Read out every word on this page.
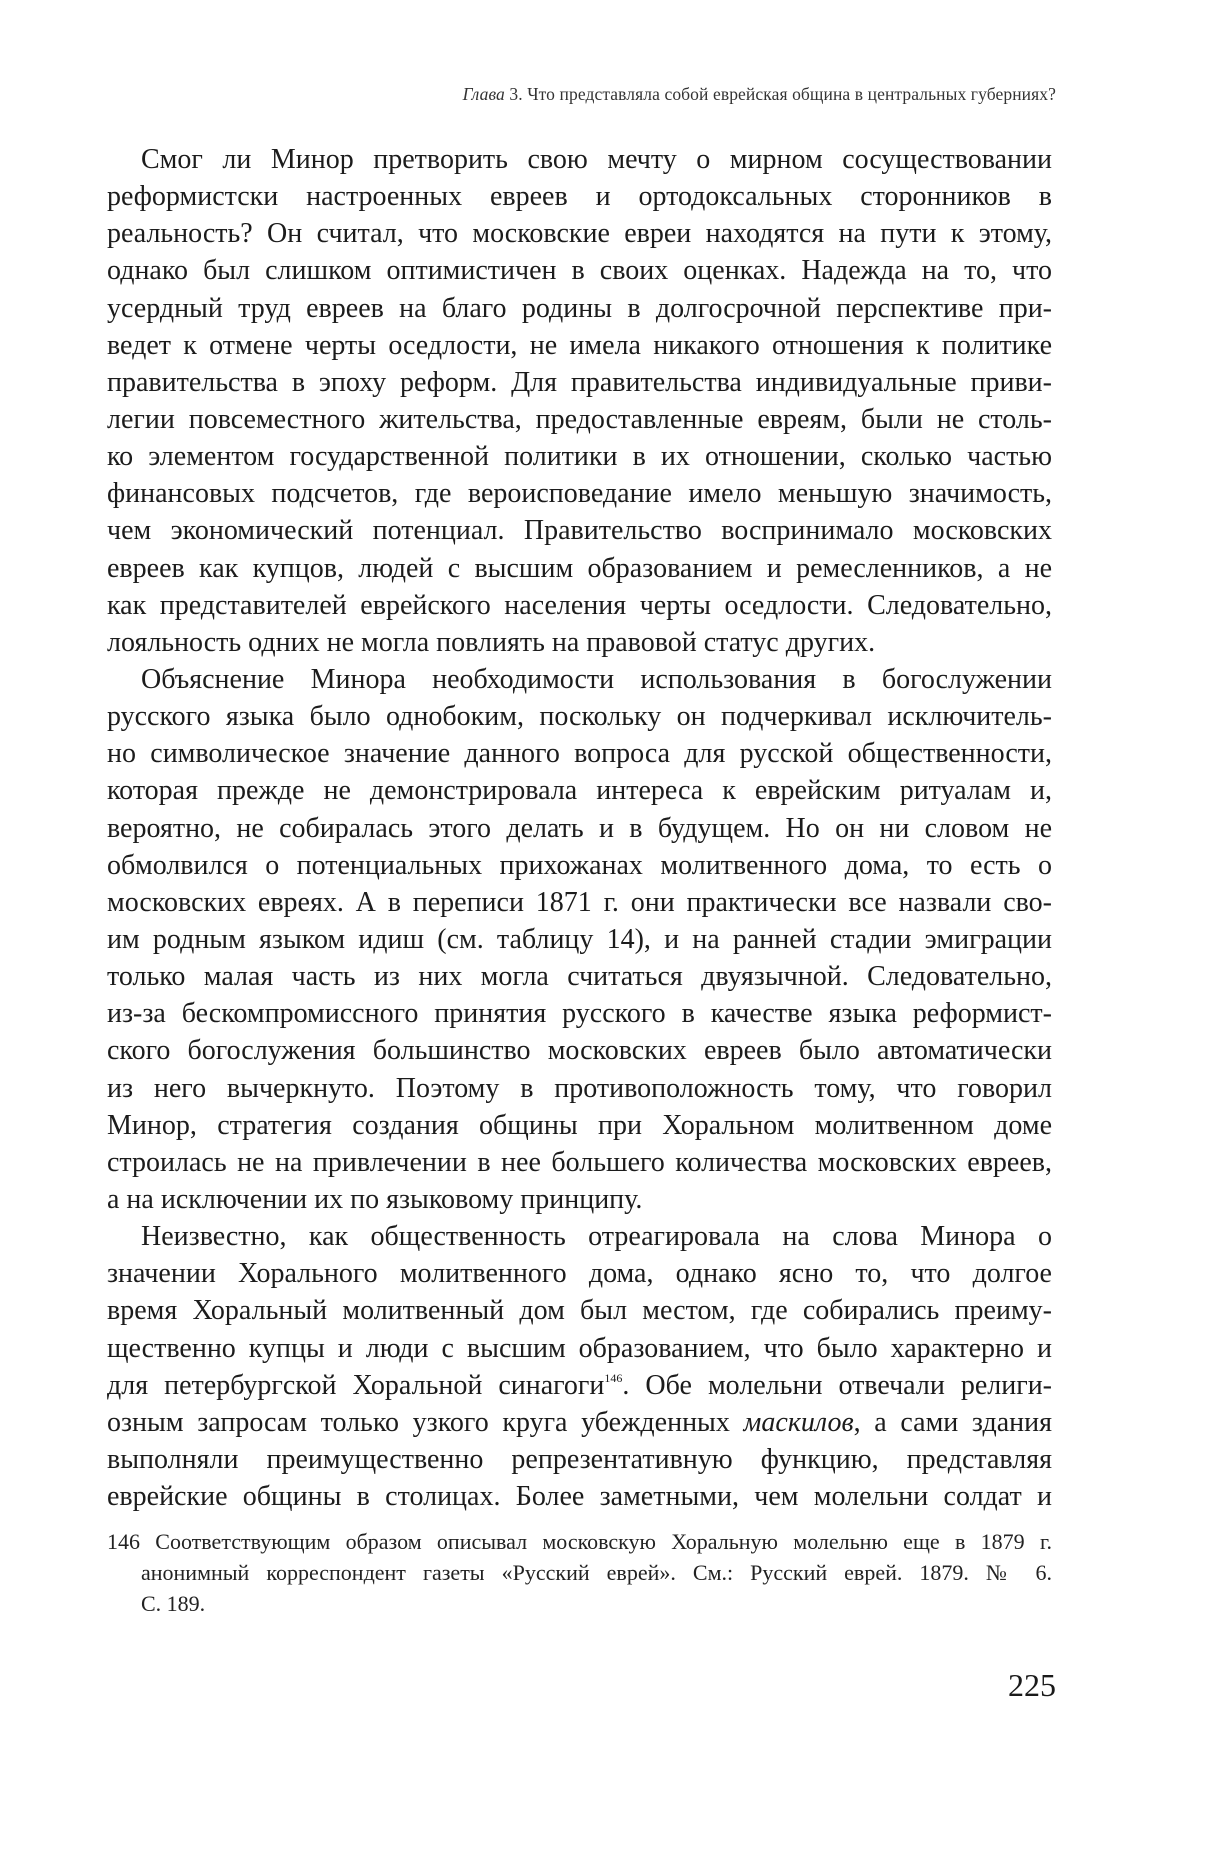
Глава 3. Что представляла собой еврейская община в центральных губерниях?
Смог ли Минор претворить свою мечту о мирном сосуществовании
реформистски настроенных евреев и ортодоксальных сторонников в
реальность? Он считал, что московские евреи находятся на пути к этому,
однако был слишком оптимистичен в своих оценках. Надежда на то, что
усердный труд евреев на благо родины в долгосрочной перспективе при-
ведет к отмене черты оседлости, не имела никакого отношения к политике
правительства в эпоху реформ. Для правительства индивидуальные приви-
легии повсеместного жительства, предоставленные евреям, были не столь-
ко элементом государственной политики в их отношении, сколько частью
финансовых подсчетов, где вероисповедание имело меньшую значимость,
чем экономический потенциал. Правительство воспринимало московских
евреев как купцов, людей с высшим образованием и ремесленников, а не
как представителей еврейского населения черты оседлости. Следовательно,
лояльность одних не могла повлиять на правовой статус других.
Объяснение Минора необходимости использования в богослужении
русского языка было однобоким, поскольку он подчеркивал исключитель-
но символическое значение данного вопроса для русской общественности,
которая прежде не демонстрировала интереса к еврейским ритуалам и,
вероятно, не собиралась этого делать и в будущем. Но он ни словом не
обмолвился о потенциальных прихожанах молитвенного дома, то есть о
московских евреях. А в переписи 1871 г. они практически все назвали сво-
им родным языком идиш (см. таблицу 14), и на ранней стадии эмиграции
только малая часть из них могла считаться двуязычной. Следовательно,
из-за бескомпромиссного принятия русского в качестве языка реформист-
ского богослужения большинство московских евреев было автоматически
из него вычеркнуто. Поэтому в противоположность тому, что говорил
Минор, стратегия создания общины при Хоральном молитвенном доме
строилась не на привлечении в нее большего количества московских евреев,
а на исключении их по языковому принципу.
Неизвестно, как общественность отреагировала на слова Минора о
значении Хорального молитвенного дома, однако ясно то, что долгое
время Хоральный молитвенный дом был местом, где собирались преиму-
щественно купцы и люди с высшим образованием, что было характерно и
для петербургской Хоральной синагоги$^{146}$. Обе молельни отвечали религи-
озным запросам только узкого круга убежденных маскилов, а сами здания
выполняли преимущественно репрезентативную функцию, представляя
еврейские общины в столицах. Более заметными, чем молельни солдат и
146 Соответствующим образом описывал московскую Хоральную молельню еще в 1879 г.
анонимный корреспондент газеты «Русский еврей». См.: Русский еврей. 1879. № 6.
С. 189.
225
